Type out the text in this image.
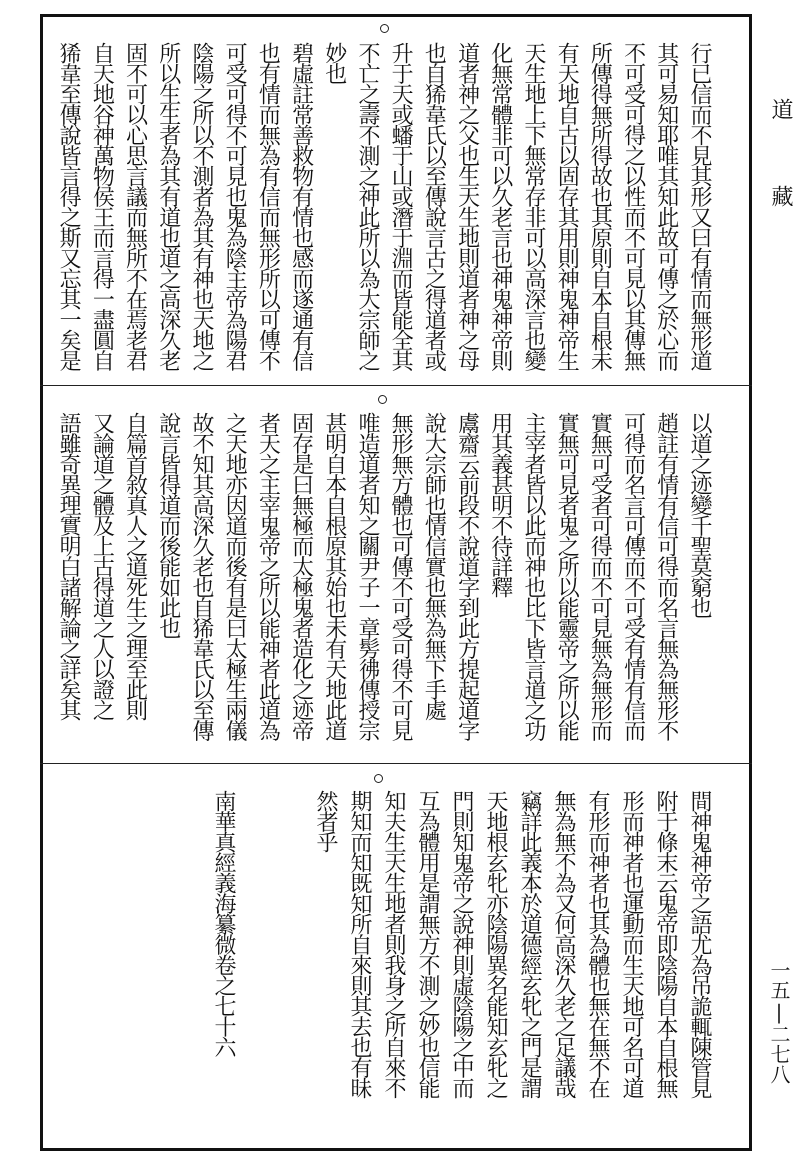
道
藏
一五|二七八
行已信而不見其形又曰有情而無形道
其可易知耶唯其知此故可傳之於心而
不可受可得之以性而不可見以其傳無
所傳得無所得故也其原則自本自根未
有天地自古以固存其用則神鬼神帝生
天生地上下無常存非可以高深言也變
化無常體非可以久老言也神鬼神帝則
道者神之父也生天生地則道者神之母
也自狶韋氏以至傳說言古之得道者或
升于天或蟠于山或潛于淵而皆能全其
不亡之壽不測之神此所以為大宗師之
妙也
碧虛註常善救物有情也感而遂通有信
也有情而無為有信而無形所以可傳不
可受可得不可見也鬼為陰主帝為陽君
陰陽之所以不測者為其有神也天地之
所以生生者為其有道也道之高深久老
固不可以心思言議而無所不在焉老君
自天地谷神萬物侯王而言得一盡圓自
狶韋至傳說皆言得之斯又忘其一矣是
以道之迹變千聖莫窮也
趙註有情有信可得而名言無為無形不
可得而名言可傳而不可受有情有信而
實無可受者可得而不可見無為無形而
實無可見者鬼之所以能靈帝之所以能
主宰者皆以此而神也比下皆言道之功
用其義甚明不待詳釋
鬳齋云前段不說道字到此方提起道字
說大宗師也情信實也無為無下手處
無形無方體也可傳不可受可得不可見
唯造道者知之關尹子一章髣彿傳授宗
甚明自本自根原其始也未有天地此道
固存是曰無極而太極鬼者造化之迹帝
者天之主宰鬼帝之所以能神者此道為
之天地亦因道而後有是曰太極生兩儀
故不知其高深久老也自狶韋氏以至傳
說言皆得道而後能如此也
自篇首敘真人之道死生之理至此則
又論道之體及上古得道之人以證之
語雖奇異理實明白諸解論之詳矣其
間神鬼神帝之語尤為吊詭輒陳管見
附于條末云鬼帝即陰陽自本自根無
形而神者也運動而生天地可名可道
有形而神者也其為體也無在無不在
無為無不為又何高深久老之足議哉
竊詳此義本於道德經玄牝之門是謂
天地根玄牝亦陰陽異名能知玄牝之
門則知鬼帝之說神則虛陰陽之中而
互為體用是謂無方不測之妙也信能
知夫生天生地者則我身之所自來不
期知而知既知所自來則其去也有昧
然者乎
南華真經義海纂微卷之七十六
